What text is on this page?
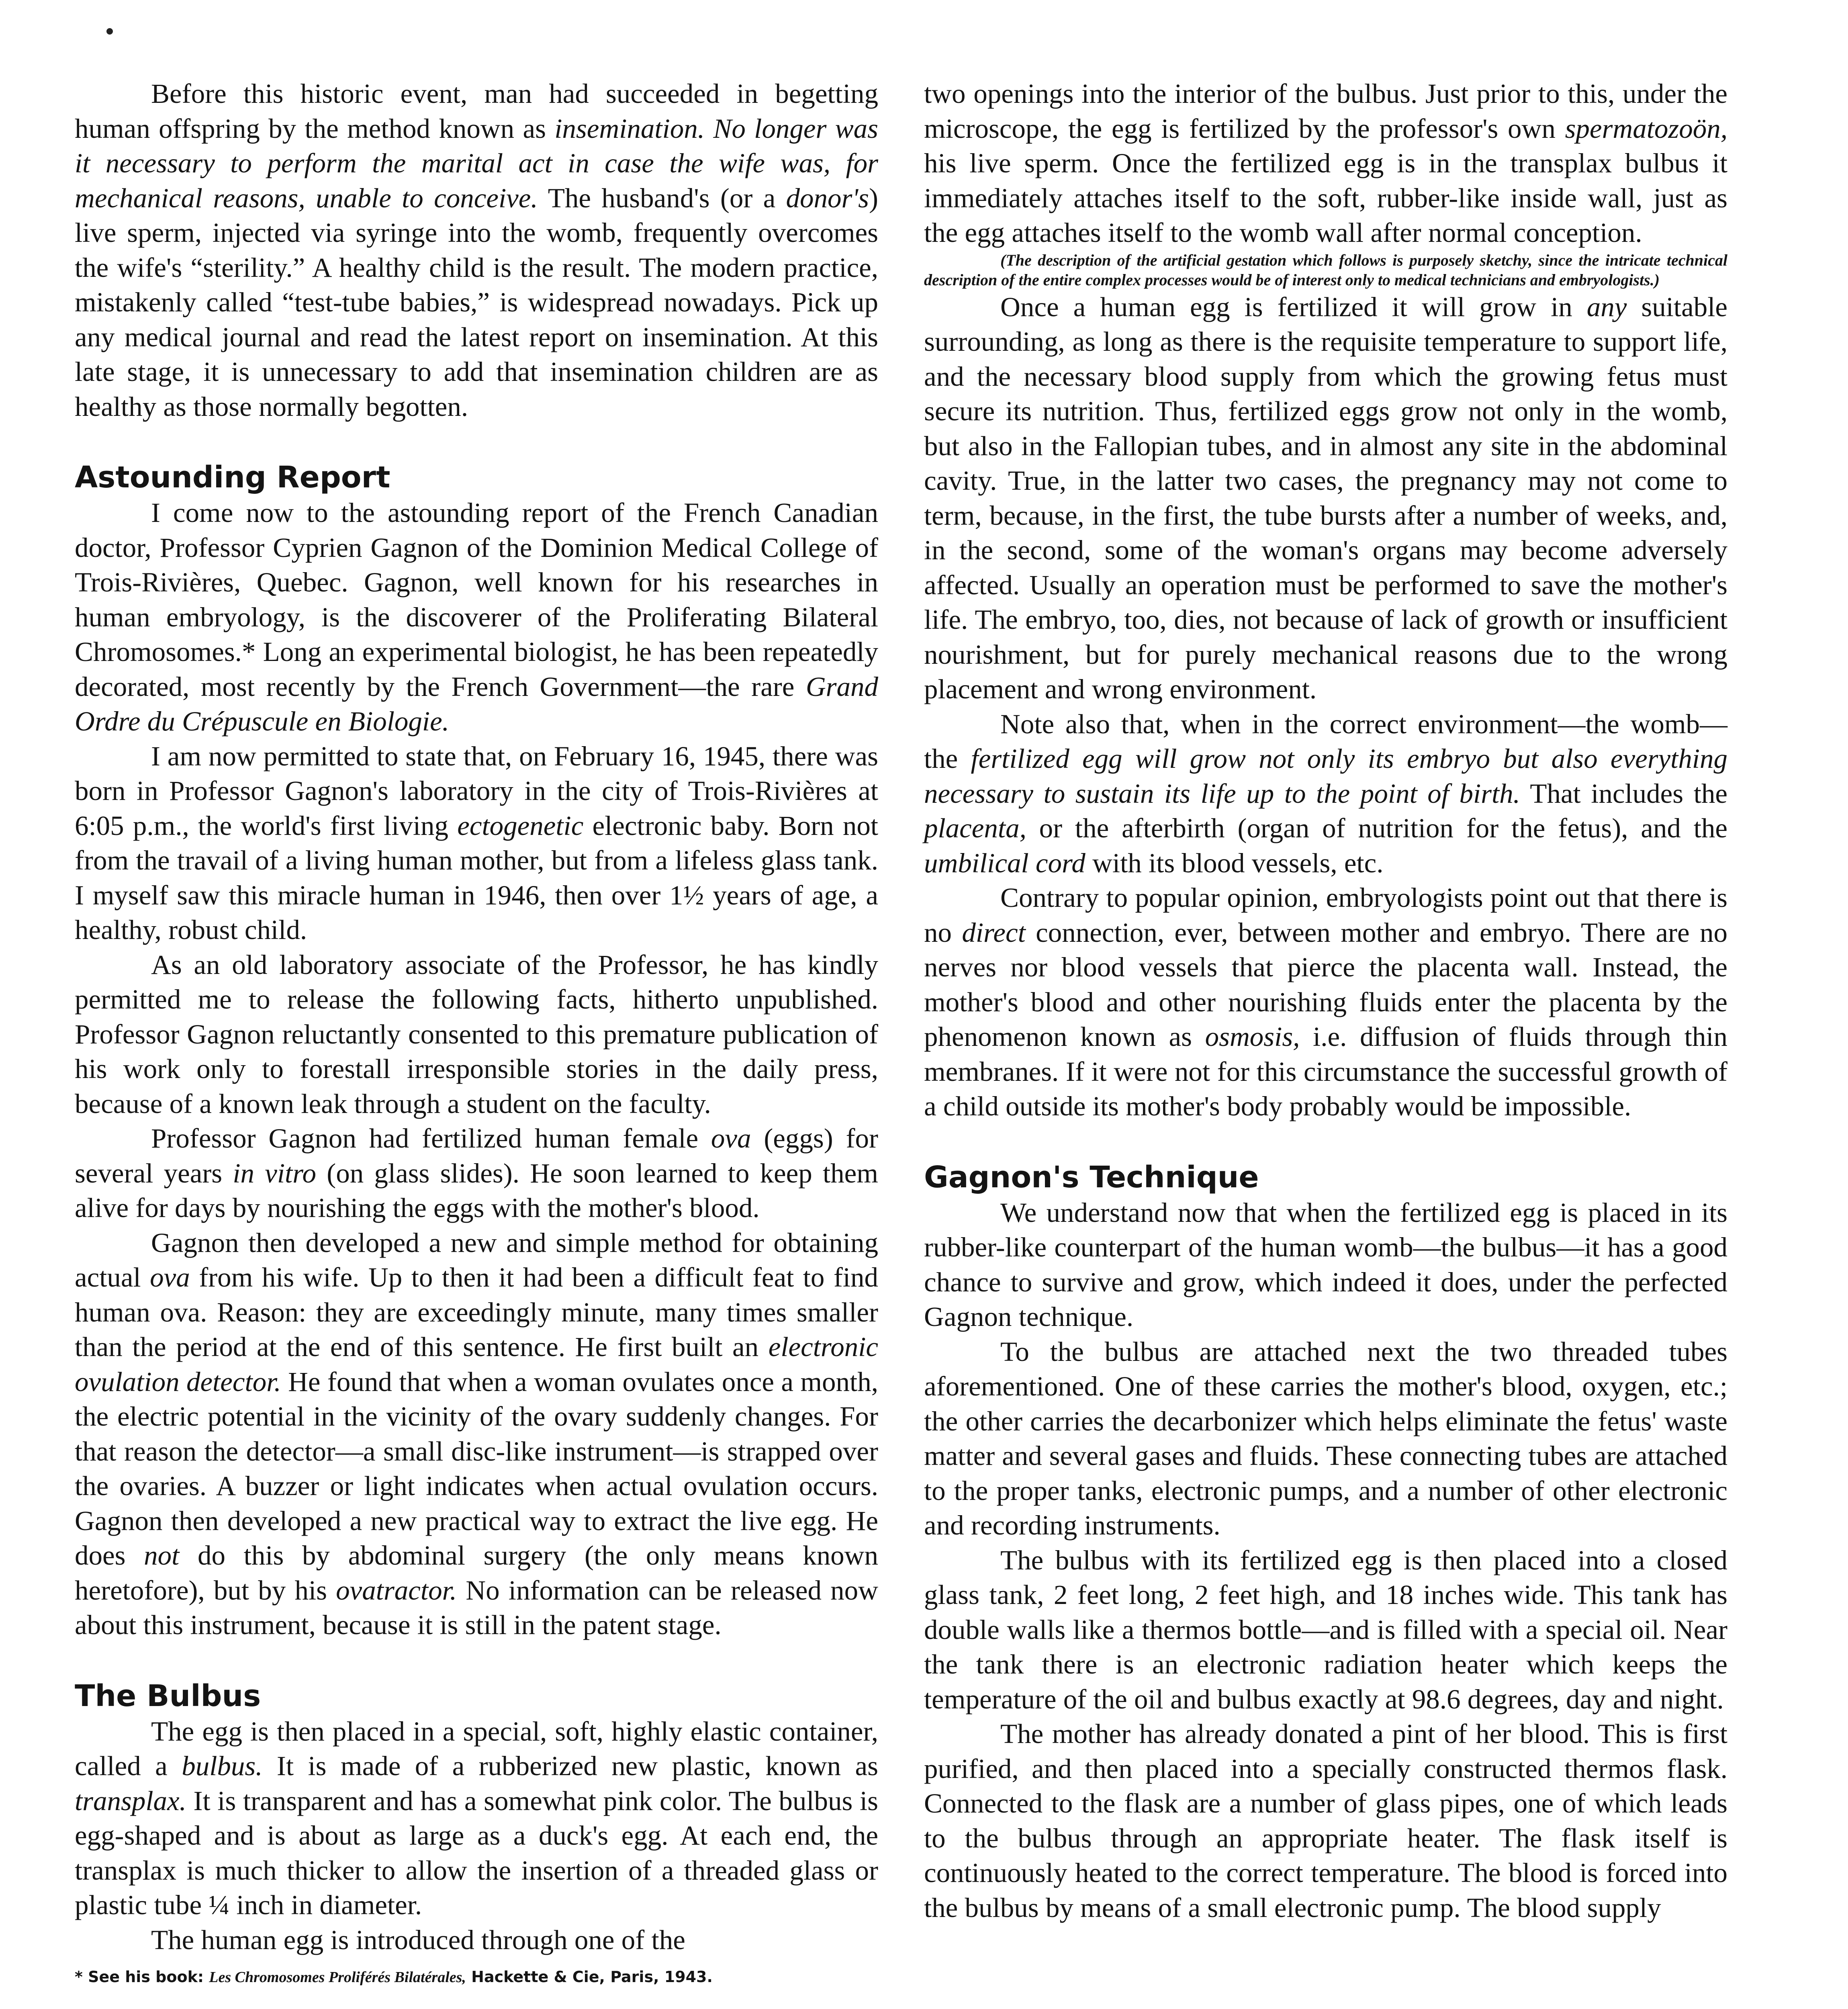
Before this historic event, man had succeeded in begetting human offspring by the method known as insemination. No longer was it necessary to perform the marital act in case the wife was, for mechanical reasons, unable to conceive. The husband's (or a donor's) live sperm, injected via syringe into the womb, frequently overcomes the wife's “sterility.” A healthy child is the result. The modern practice, mistakenly called “test-tube babies,” is widespread nowadays. Pick up any medical journal and read the latest report on insemination. At this late stage, it is unnecessary to add that insemination children are as healthy as those normally begotten.

Astounding Report

I come now to the astounding report of the French Canadian doctor, Professor Cyprien Gagnon of the Dominion Medical College of Trois-Rivières, Quebec. Gagnon, well known for his researches in human embryology, is the discoverer of the Proliferating Bilateral Chromosomes.* Long an experimental biologist, he has been repeatedly decorated, most recently by the French Government—the rare Grand Ordre du Crépuscule en Biologie.

I am now permitted to state that, on February 16, 1945, there was born in Professor Gagnon's laboratory in the city of Trois-Rivières at 6:05 p.m., the world's first living ectogenetic electronic baby. Born not from the travail of a living human mother, but from a lifeless glass tank. I myself saw this miracle human in 1946, then over 1½ years of age, a healthy, robust child.

As an old laboratory associate of the Professor, he has kindly permitted me to release the following facts, hitherto unpublished. Professor Gagnon reluctantly consented to this premature publication of his work only to forestall irresponsible stories in the daily press, because of a known leak through a student on the faculty.

Professor Gagnon had fertilized human female ova (eggs) for several years in vitro (on glass slides). He soon learned to keep them alive for days by nourishing the eggs with the mother's blood.

Gagnon then developed a new and simple method for obtaining actual ova from his wife. Up to then it had been a difficult feat to find human ova. Reason: they are exceedingly minute, many times smaller than the period at the end of this sentence. He first built an electronic ovulation detector. He found that when a woman ovulates once a month, the electric potential in the vicinity of the ovary suddenly changes. For that reason the detector—a small disc-like instrument—is strapped over the ovaries. A buzzer or light indicates when actual ovulation occurs. Gagnon then developed a new practical way to extract the live egg. He does not do this by abdominal surgery (the only means known heretofore), but by his ovatractor. No information can be released now about this instrument, because it is still in the patent stage.

The Bulbus

The egg is then placed in a special, soft, highly elastic container, called a bulbus. It is made of a rubberized new plastic, known as transplax. It is transparent and has a somewhat pink color. The bulbus is egg-shaped and is about as large as a duck's egg. At each end, the transplax is much thicker to allow the insertion of a threaded glass or plastic tube ¼ inch in diameter.

The human egg is introduced through one of the

* See his book: Les Chromosomes Proliférés Bilatérales, Hackette & Cie, Paris, 1943.

two openings into the interior of the bulbus. Just prior to this, under the microscope, the egg is fertilized by the professor's own spermatozoön, his live sperm. Once the fertilized egg is in the transplax bulbus it immediately attaches itself to the soft, rubber-like inside wall, just as the egg attaches itself to the womb wall after normal conception.

(The description of the artificial gestation which follows is purposely sketchy, since the intricate technical description of the entire complex processes would be of interest only to medical technicians and embryologists.)

Once a human egg is fertilized it will grow in any suitable surrounding, as long as there is the requisite temperature to support life, and the necessary blood supply from which the growing fetus must secure its nutrition. Thus, fertilized eggs grow not only in the womb, but also in the Fallopian tubes, and in almost any site in the abdominal cavity. True, in the latter two cases, the pregnancy may not come to term, because, in the first, the tube bursts after a number of weeks, and, in the second, some of the woman's organs may become adversely affected. Usually an operation must be performed to save the mother's life. The embryo, too, dies, not because of lack of growth or insufficient nourishment, but for purely mechanical reasons due to the wrong placement and wrong environment.

Note also that, when in the correct environment—the womb—the fertilized egg will grow not only its embryo but also everything necessary to sustain its life up to the point of birth. That includes the placenta, or the afterbirth (organ of nutrition for the fetus), and the umbilical cord with its blood vessels, etc.

Contrary to popular opinion, embryologists point out that there is no direct connection, ever, between mother and embryo. There are no nerves nor blood vessels that pierce the placenta wall. Instead, the mother's blood and other nourishing fluids enter the placenta by the phenomenon known as osmosis, i.e. diffusion of fluids through thin membranes. If it were not for this circumstance the successful growth of a child outside its mother's body probably would be impossible.

Gagnon's Technique

We understand now that when the fertilized egg is placed in its rubber-like counterpart of the human womb—the bulbus—it has a good chance to survive and grow, which indeed it does, under the perfected Gagnon technique.

To the bulbus are attached next the two threaded tubes aforementioned. One of these carries the mother's blood, oxygen, etc.; the other carries the decarbonizer which helps eliminate the fetus' waste matter and several gases and fluids. These connecting tubes are attached to the proper tanks, electronic pumps, and a number of other electronic and recording instruments.

The bulbus with its fertilized egg is then placed into a closed glass tank, 2 feet long, 2 feet high, and 18 inches wide. This tank has double walls like a thermos bottle—and is filled with a special oil. Near the tank there is an electronic radiation heater which keeps the temperature of the oil and bulbus exactly at 98.6 degrees, day and night.

The mother has already donated a pint of her blood. This is first purified, and then placed into a specially constructed thermos flask. Connected to the flask are a number of glass pipes, one of which leads to the bulbus through an appropriate heater. The flask itself is continuously heated to the correct temperature. The blood is forced into the bulbus by means of a small electronic pump. The blood supply
